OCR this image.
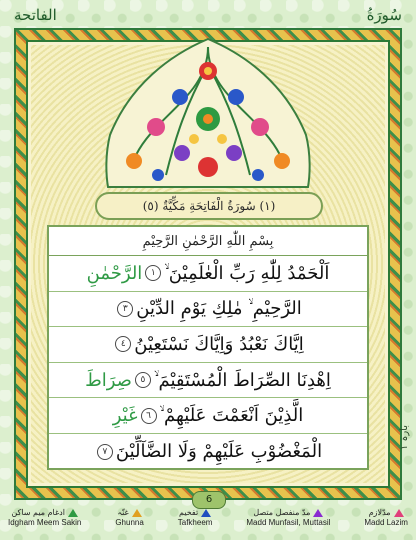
الفاتحة	سُورَةُ
(١) سُورَةُ الْفَاتِحَةِ مَكِّيَّةٌ (٥)
بِسْمِ اللّٰهِ الرَّحْمٰنِ الرَّحِيْمِ
اَلْحَمْدُ لِلّٰهِ رَبِّ الْعٰلَمِيْنَ ۙ
١
الرَّحْمٰنِ
الرَّحِيْمِ ۙ مٰلِكِ يَوْمِ الدِّيْنِ
٣
اِيَّاكَ نَعْبُدُ وَاِيَّاكَ نَسْتَعِيْنُ
٤
اِهْدِنَا الصِّرَاطَ الْمُسْتَقِيْمَ ۙ
٥
صِرَاطَ
الَّذِيْنَ اَنْعَمْتَ عَلَيْهِمْ ۙ
٦
غَيْرِ
الْمَغْضُوْبِ عَلَيْهِمْ وَلَا الضَّآلِّيْنَ
٧	بارہ ١
6
ادغام میم ساکن
Idgham Meem Sakin
غنّہ
Ghunna
تفخیم
Tafkheem
مدّ منفصل متصل
Madd Munfasil, Muttasil
مدّلازم
Madd Lazim
